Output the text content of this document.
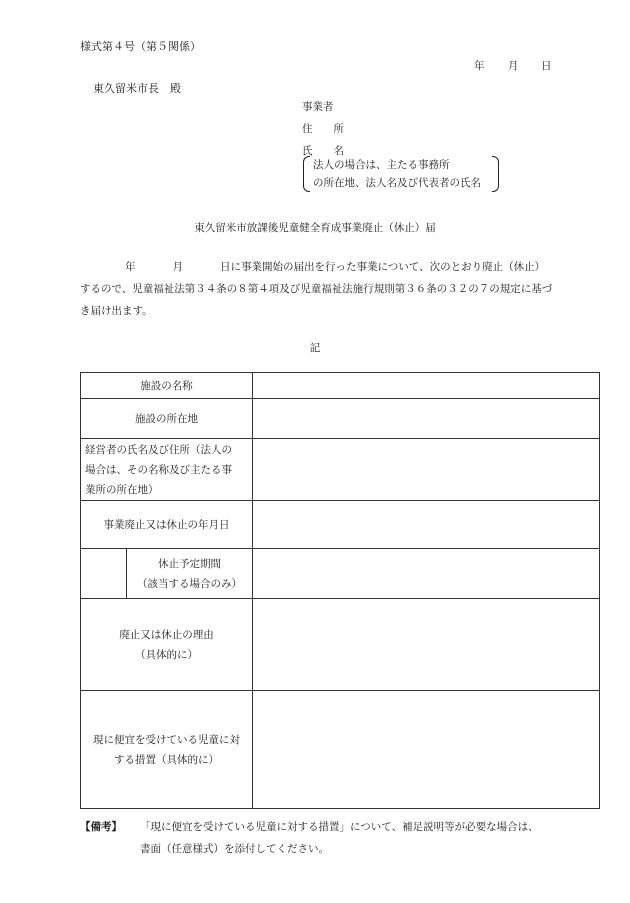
様式第４号（第５関係）
年 月 日
東久留米市長　殿
事業者
住　　所
氏　　名
法人の場合は、主たる事務所
の所在地、法人名及び代表者の氏名
東久留米市放課後児童健全育成事業廃止（休止）届
年	月	日に事業開始の届出を行った事業について、次のとおり廃止（休止）するので、児童福祉法第３４条の８第４項及び児童福祉法施行規則第３６条の３２の７の規定に基づき届け出ます。
記
施設の名称		
施設の所在地		

経営者の氏名及び住所（法人の
場合は、その名称及び主たる事
業所の所在地）		

事業廃止又は休止の年月日		

	休止予定期間
（該当する場合のみ）	

廃止又は休止の理由
（具体的に）		

現に便宜を受けている児童に対
する措置（具体的に）		

【備考】 「現に便宜を受けている児童に対する措置」について、補足説明等が必要な場合は、
書面（任意様式）を添付してください。
